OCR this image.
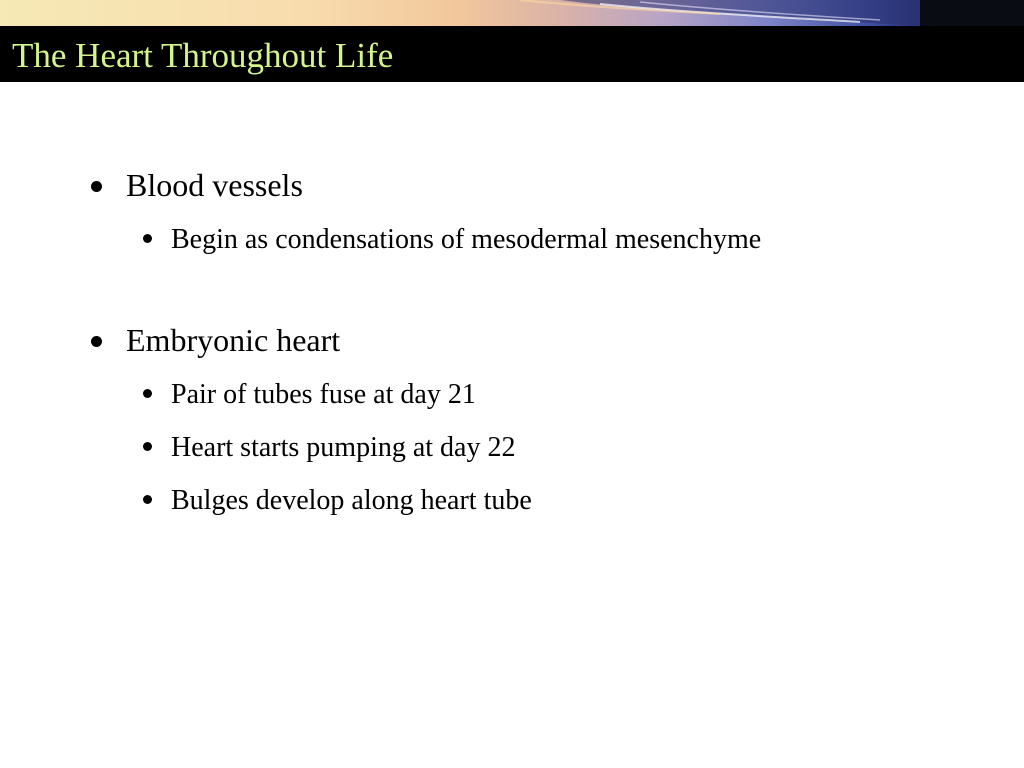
The Heart Throughout Life
Blood vessels
Begin as condensations of mesodermal mesenchyme
Embryonic heart
Pair of tubes fuse at day 21
Heart starts pumping at day 22
Bulges develop along heart tube
